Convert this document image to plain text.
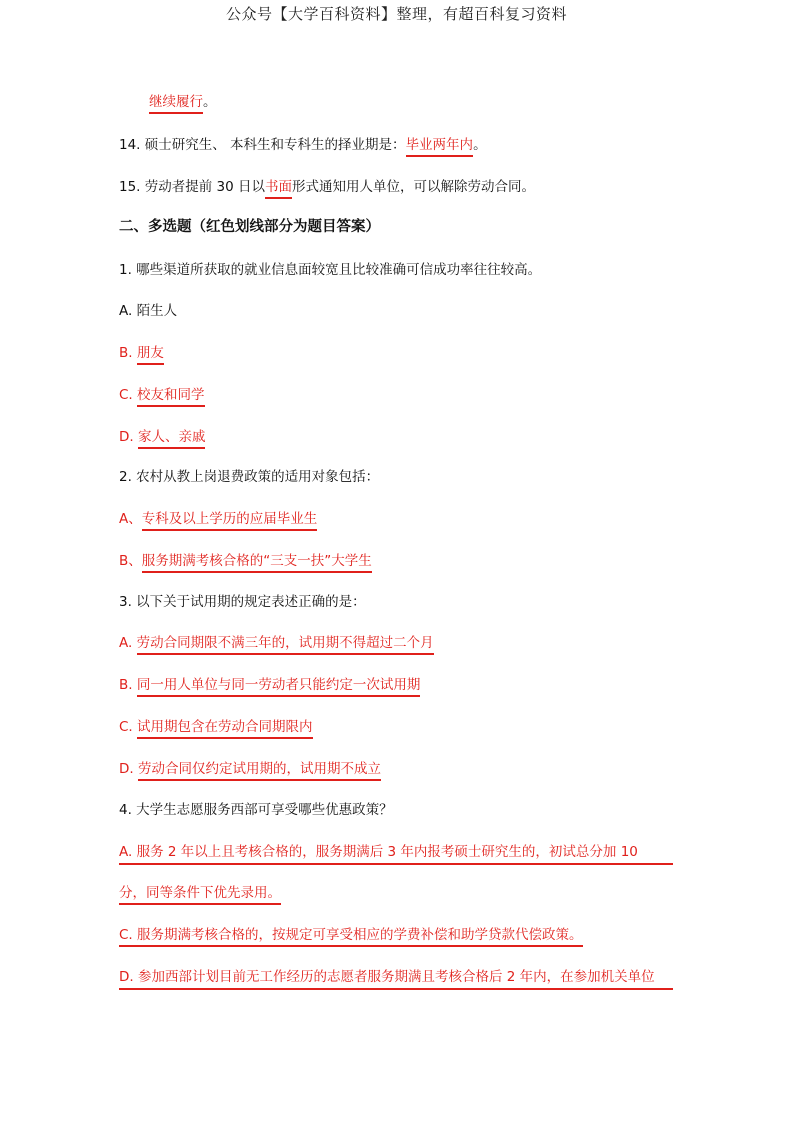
公众号【大学百科资料】整理，有超百科复习资料
继续履行。
14. 硕士研究生、 本科生和专科生的择业期是：毕业两年内。
15. 劳动者提前 30 日以书面形式通知用人单位，可以解除劳动合同。
二、多选题（红色划线部分为题目答案）
1. 哪些渠道所获取的就业信息面较宽且比较准确可信成功率往往较高。
A. 陌生人
B. 朋友
C. 校友和同学
D. 家人、亲戚
2. 农村从教上岗退费政策的适用对象包括：
A、专科及以上学历的应届毕业生
B、服务期满考核合格的“三支一扶”大学生
3. 以下关于试用期的规定表述正确的是：
A. 劳动合同期限不满三年的，试用期不得超过二个月
B. 同一用人单位与同一劳动者只能约定一次试用期
C. 试用期包含在劳动合同期限内
D. 劳动合同仅约定试用期的，试用期不成立
4. 大学生志愿服务西部可享受哪些优惠政策？
A. 服务 2 年以上且考核合格的，服务期满后 3 年内报考硕士研究生的，初试总分加 10
分，同等条件下优先录用。
C. 服务期满考核合格的，按规定可享受相应的学费补偿和助学贷款代偿政策。
D. 参加西部计划目前无工作经历的志愿者服务期满且考核合格后 2 年内，在参加机关单位
